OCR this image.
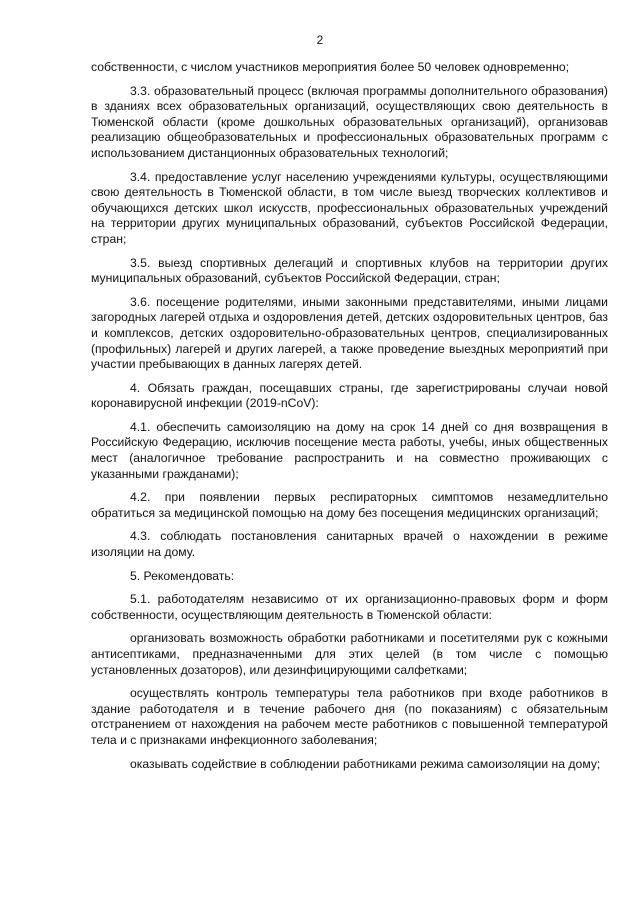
2

собственности, с числом участников мероприятия более 50 человек одновременно;

3.3. образовательный процесс (включая программы дополнительного образования) в зданиях всех образовательных организаций, осуществляющих свою деятельность в Тюменской области (кроме дошкольных образовательных организаций), организовав реализацию общеобразовательных и профессиональных образовательных программ с использованием дистанционных образовательных технологий;

3.4. предоставление услуг населению учреждениями культуры, осуществляющими свою деятельность в Тюменской области, в том числе выезд творческих коллективов и обучающихся детских школ искусств, профессиональных образовательных учреждений на территории других муниципальных образований, субъектов Российской Федерации, стран;

3.5. выезд спортивных делегаций и спортивных клубов на территории других муниципальных образований, субъектов Российской Федерации, стран;

3.6. посещение родителями, иными законными представителями, иными лицами загородных лагерей отдыха и оздоровления детей, детских оздоровительных центров, баз и комплексов, детских оздоровительно-образовательных центров, специализированных (профильных) лагерей и других лагерей, а также проведение выездных мероприятий при участии пребывающих в данных лагерях детей.

4. Обязать граждан, посещавших страны, где зарегистрированы случаи новой коронавирусной инфекции (2019-nCoV):

4.1. обеспечить самоизоляцию на дому на срок 14 дней со дня возвращения в Российскую Федерацию, исключив посещение места работы, учебы, иных общественных мест (аналогичное требование распространить и на совместно проживающих с указанными гражданами);

4.2. при появлении первых респираторных симптомов незамедлительно обратиться за медицинской помощью на дому без посещения медицинских организаций;

4.3. соблюдать постановления санитарных врачей о нахождении в режиме изоляции на дому.

5. Рекомендовать:

5.1. работодателям независимо от их организационно-правовых форм и форм собственности, осуществляющим деятельность в Тюменской области:

организовать возможность обработки работниками и посетителями рук с кожными антисептиками, предназначенными для этих целей (в том числе с помощью установленных дозаторов), или дезинфицирующими салфетками;

осуществлять контроль температуры тела работников при входе работников в здание работодателя и в течение рабочего дня (по показаниям) с обязательным отстранением от нахождения на рабочем месте работников с повышенной температурой тела и с признаками инфекционного заболевания;

оказывать содействие в соблюдении работниками режима самоизоляции на дому;
